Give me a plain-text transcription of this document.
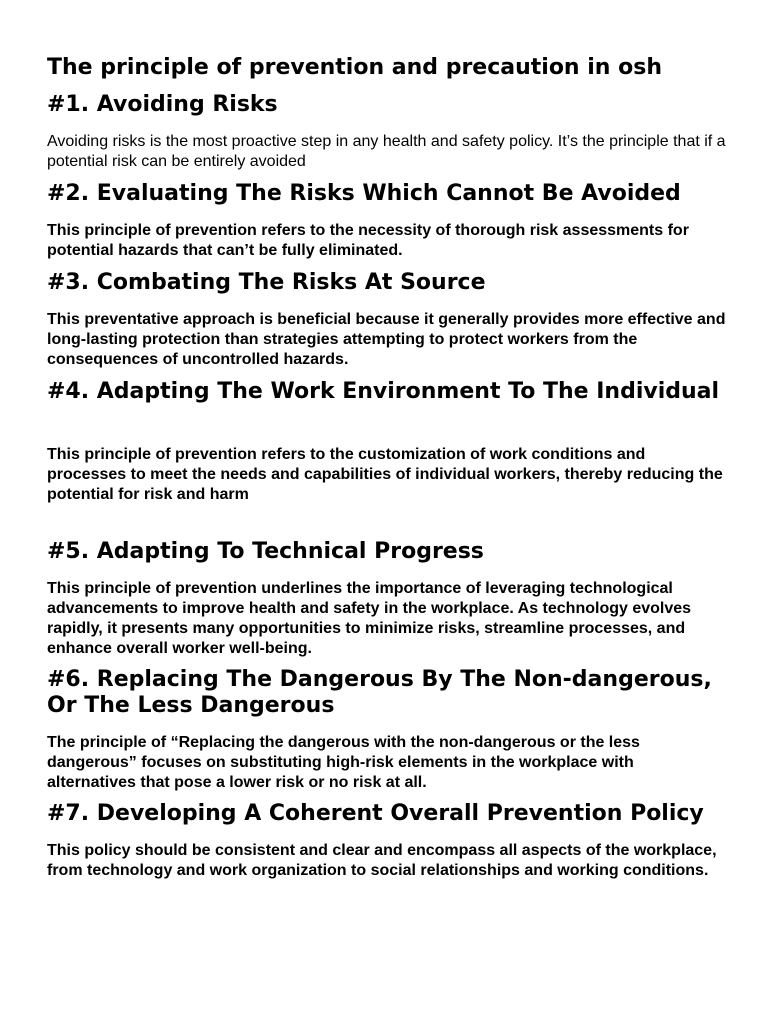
The principle of prevention and precaution in osh
#1. Avoiding Risks

Avoiding risks is the most proactive step in any health and safety policy. It’s the principle that if a potential risk can be entirely avoided

#2. Evaluating The Risks Which Cannot Be Avoided

This principle of prevention refers to the necessity of thorough risk assessments for potential hazards that can’t be fully eliminated.

#3. Combating The Risks At Source

This preventative approach is beneficial because it generally provides more effective and long-lasting protection than strategies attempting to protect workers from the consequences of uncontrolled hazards.

#4. Adapting The Work Environment To The Individual

This principle of prevention refers to the customization of work conditions and processes to meet the needs and capabilities of individual workers, thereby reducing the potential for risk and harm

#5. Adapting To Technical Progress

This principle of prevention underlines the importance of leveraging technological advancements to improve health and safety in the workplace. As technology evolves rapidly, it presents many opportunities to minimize risks, streamline processes, and enhance overall worker well-being.

#6. Replacing The Dangerous By The Non-dangerous, Or The Less Dangerous

The principle of “Replacing the dangerous with the non-dangerous or the less dangerous” focuses on substituting high-risk elements in the workplace with alternatives that pose a lower risk or no risk at all.

#7. Developing A Coherent Overall Prevention Policy

This policy should be consistent and clear and encompass all aspects of the workplace, from technology and work organization to social relationships and working conditions.
